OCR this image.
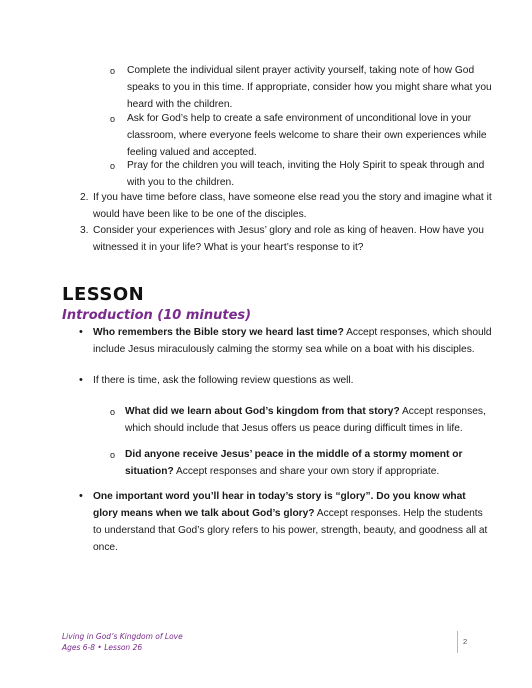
o Complete the individual silent prayer activity yourself, taking note of how God
speaks to you in this time. If appropriate, consider how you might share what you
heard with the children.
o Ask for God’s help to create a safe environment of unconditional love in your
classroom, where everyone feels welcome to share their own experiences while
feeling valued and accepted.
o Pray for the children you will teach, inviting the Holy Spirit to speak through and
with you to the children.
2. If you have time before class, have someone else read you the story and imagine what it
would have been like to be one of the disciples.
3. Consider your experiences with Jesus’ glory and role as king of heaven. How have you
witnessed it in your life? What is your heart’s response to it?
LESSON
Introduction (10 minutes)
• Who remembers the Bible story we heard last time? Accept responses, which should
include Jesus miraculously calming the stormy sea while on a boat with his disciples.
• If there is time, ask the following review questions as well.
o What did we learn about God’s kingdom from that story? Accept responses,
which should include that Jesus offers us peace during difficult times in life.
o Did anyone receive Jesus’ peace in the middle of a stormy moment or
situation? Accept responses and share your own story if appropriate.
• One important word you’ll hear in today’s story is “glory”. Do you know what
glory means when we talk about God’s glory? Accept responses. Help the students
to understand that God’s glory refers to his power, strength, beauty, and goodness all at
once.
Living in God’s Kingdom of Love
Ages 6-8 • Lesson 26
2
